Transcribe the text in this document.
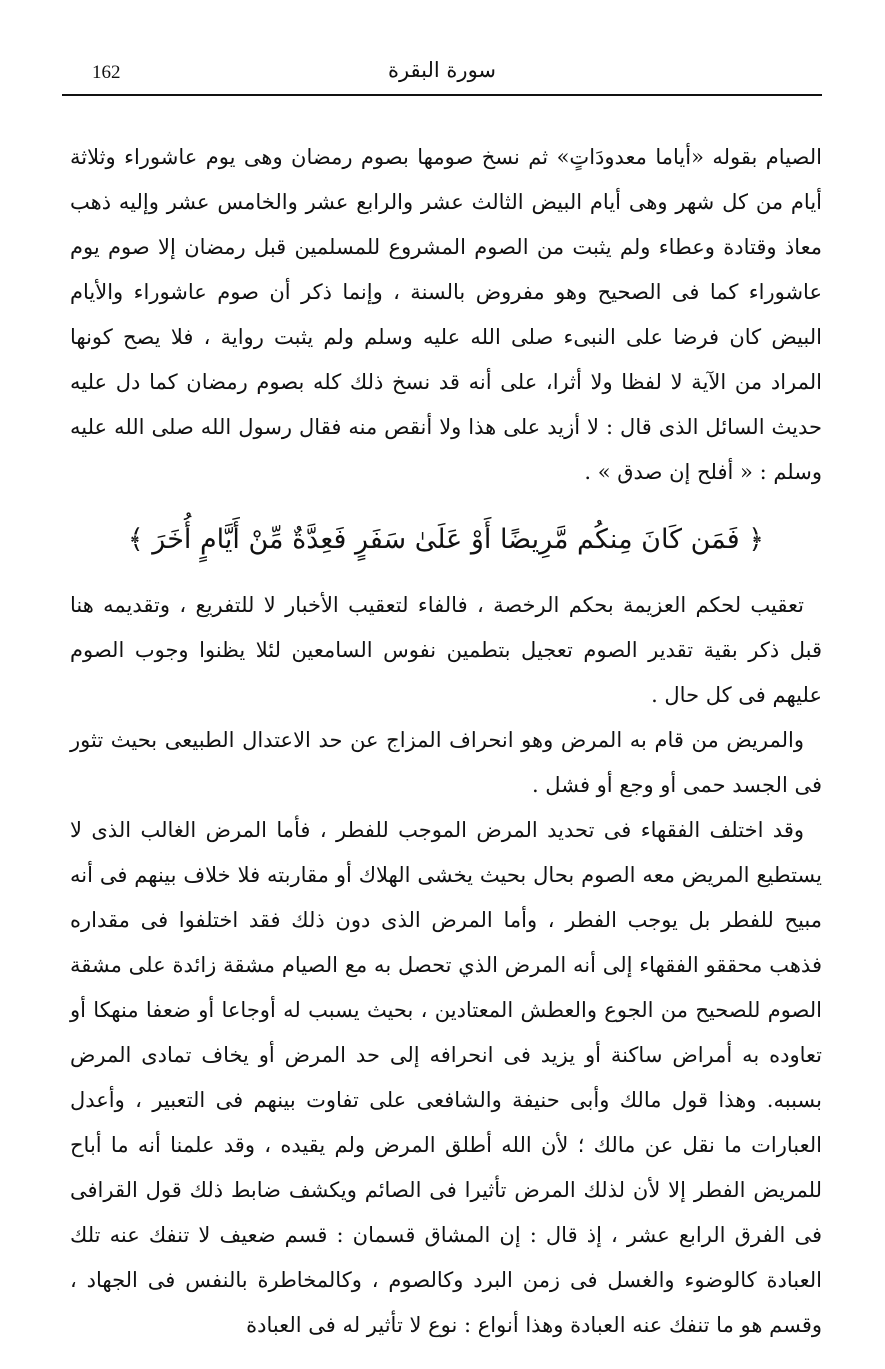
162	سورة البقرة

الصيام بقوله «أياما معدودَاتٍ» ثم نسخ صومها بصوم رمضان وهى يوم عاشوراء وثلاثة أيام من كل شهر وهى أيام البيض الثالث عشر والرابع عشر والخامس عشر وإليه ذهب معاذ وقتادة وعطاء ولم يثبت من الصوم المشروع للمسلمين قبل رمضان إلا صوم يوم عاشوراء كما فى الصحيح وهو مفروض بالسنة ، وإنما ذكر أن صوم عاشوراء والأيام البيض كان فرضا على النبىء صلى الله عليه وسلم ولم يثبت رواية ، فلا يصح كونها المراد من الآية لا لفظا ولا أثرا، على أنه قد نسخ ذلك كله بصوم رمضان كما دل عليه حديث السائل الذى قال : لا أزيد على هذا ولا أنقص منه فقال رسول الله صلى الله عليه وسلم : « أفلح إن صدق » .

﴿ فَمَن كَانَ مِنكُم مَّرِيضًا أَوْ عَلَىٰ سَفَرٍ فَعِدَّةٌ مِّنْ أَيَّامٍ أُخَرَ ﴾

تعقيب لحكم العزيمة بحكم الرخصة ، فالفاء لتعقيب الأخبار لا للتفريع ، وتقديمه هنا قبل ذكر بقية تقدير الصوم تعجيل بتطمين نفوس السامعين لئلا يظنوا وجوب الصوم عليهم فى كل حال .

والمريض من قام به المرض وهو انحراف المزاج عن حد الاعتدال الطبيعى بحيث تثور فى الجسد حمى أو وجع أو فشل .

وقد اختلف الفقهاء فى تحديد المرض الموجب للفطر ، فأما المرض الغالب الذى لا يستطيع المريض معه الصوم بحال بحيث يخشى الهلاك أو مقاربته فلا خلاف بينهم فى أنه مبيح للفطر بل يوجب الفطر ، وأما المرض الذى دون ذلك فقد اختلفوا فى مقداره فذهب محققو الفقهاء إلى أنه المرض الذي تحصل به مع الصيام مشقة زائدة على مشقة الصوم للصحيح من الجوع والعطش المعتادين ، بحيث يسبب له أوجاعا أو ضعفا منهكا أو تعاوده به أمراض ساكنة أو يزيد فى انحرافه إلى حد المرض أو يخاف تمادى المرض بسببه. وهذا قول مالك وأبى حنيفة والشافعى على تفاوت بينهم فى التعبير ، وأعدل العبارات ما نقل عن مالك ؛ لأن الله أطلق المرض ولم يقيده ، وقد علمنا أنه ما أباح للمريض الفطر إلا لأن لذلك المرض تأثيرا فى الصائم ويكشف ضابط ذلك قول القرافى فى الفرق الرابع عشر ، إذ قال : إن المشاق قسمان : قسم ضعيف لا تنفك عنه تلك العبادة كالوضوء والغسل فى زمن البرد وكالصوم ، وكالمخاطرة بالنفس فى الجهاد ، وقسم هو ما تنفك عنه العبادة وهذا أنواع : نوع لا تأثير له فى العبادة
